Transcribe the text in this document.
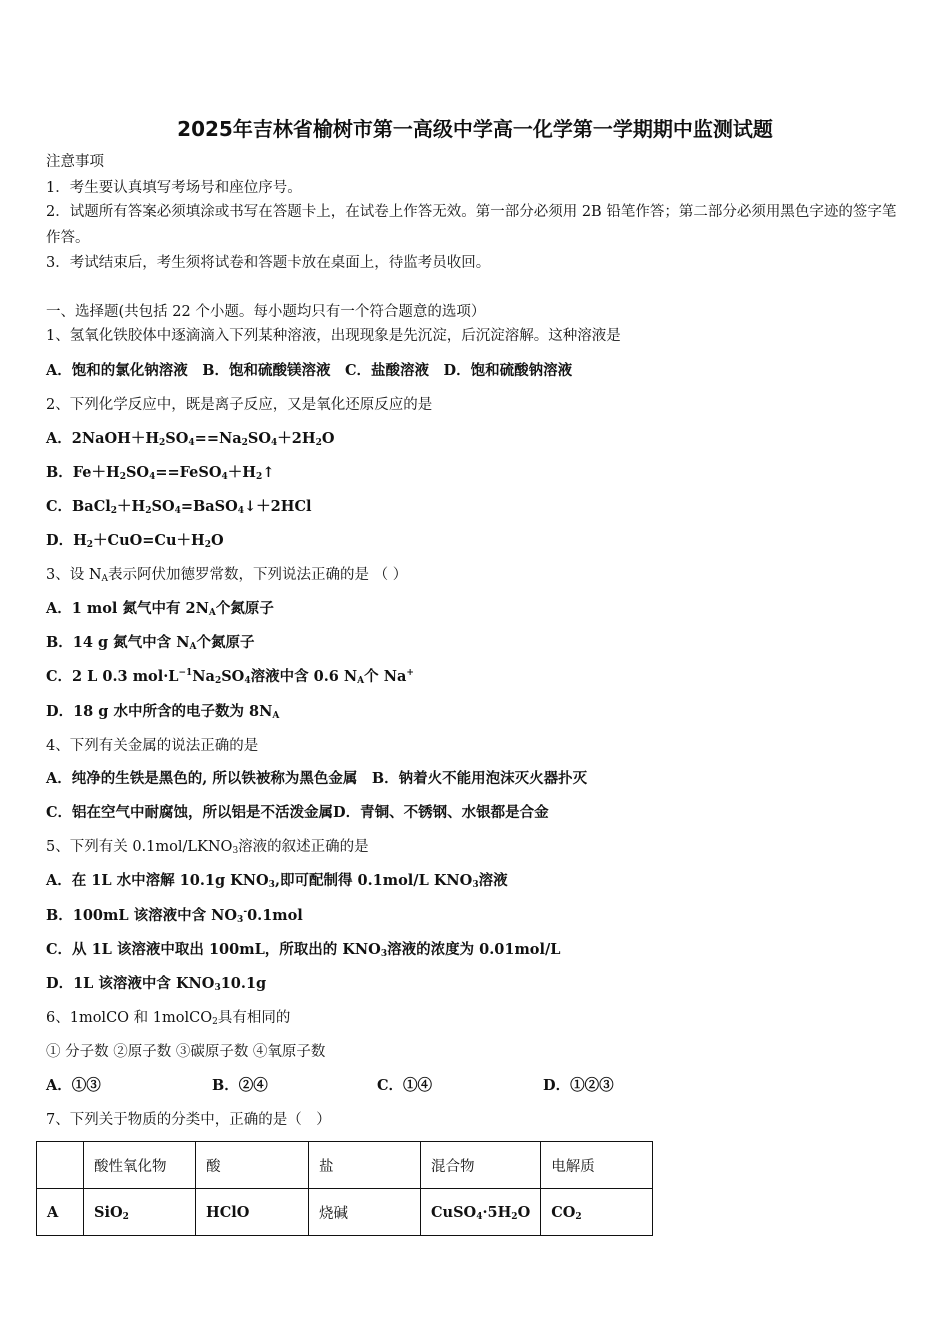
2025年吉林省榆树市第一高级中学高一化学第一学期期中监测试题
注意事项
1．考生要认真填写考场号和座位序号。
2．试题所有答案必须填涂或书写在答题卡上，在试卷上作答无效。第一部分必须用 2B 铅笔作答；第二部分必须用黑色字迹的签字笔作答。
3．考试结束后，考生须将试卷和答题卡放在桌面上，待监考员收回。
一、选择题(共包括 22 个小题。每小题均只有一个符合题意的选项）
1、氢氧化铁胶体中逐滴滴入下列某种溶液，出现现象是先沉淀，后沉淀溶解。这种溶液是
A．饱和的氯化钠溶液　B．饱和硫酸镁溶液　C．盐酸溶液　D．饱和硫酸钠溶液
2、下列化学反应中，既是离子反应，又是氧化还原反应的是
A．$2NaOH+H_2SO_4==Na_2SO_4+2H_2O$
B．$Fe+H_2SO_4==FeSO_4+H_2↑$
C．$BaCl_2+H_2SO_4=BaSO_4↓+2HCl$
D．$H_2+CuO=Cu+H_2O$
3、设 $N_A$表示阿伏加德罗常数，下列说法正确的是 （ ）
A．1 mol 氮气中有 $2N_A$个氮原子
B．14 g 氮气中含 $N_A$个氮原子
C．2 L 0.3 $mol\cdot L^{-1}Na_2SO_4$溶液中含 0.6 $N_A$个 Na+
D．18 g 水中所含的电子数为 $8N_A$
4、下列有关金属的说法正确的是
A．纯净的生铁是黑色的, 所以铁被称为黑色金属　B．钠着火不能用泡沫灭火器扑灭
C．铝在空气中耐腐蚀，所以铝是不活泼金属D．青铜、不锈钢、水银都是合金
5、下列有关 $0.1mol/LKNO_3$溶液的叙述正确的是
A．在 1L 水中溶解 10.1g $KNO_3$,即可配制得 0.1mol/L $KNO_3$溶液
B．100mL 该溶液中含 $NO_3^-0.1mol$
C．从 1L 该溶液中取出 100mL，所取出的 $KNO_3$溶液的浓度为 0.01mol/L
D．1L 该溶液中含 $KNO_310.1g$
6、1molCO 和 1molCO$_2$具有相同的
① 分子数 ②原子数 ③碳原子数 ④氧原子数
A．①③	B．②④	C．①④	D．①②③
7、下列关于物质的分类中，正确的是（　）
	酸性氧化物	酸	盐	混合物	电解质
A	SiO$_2$	HClO	烧碱	$CuSO_4\cdot 5H_2O$	$CO_2$
